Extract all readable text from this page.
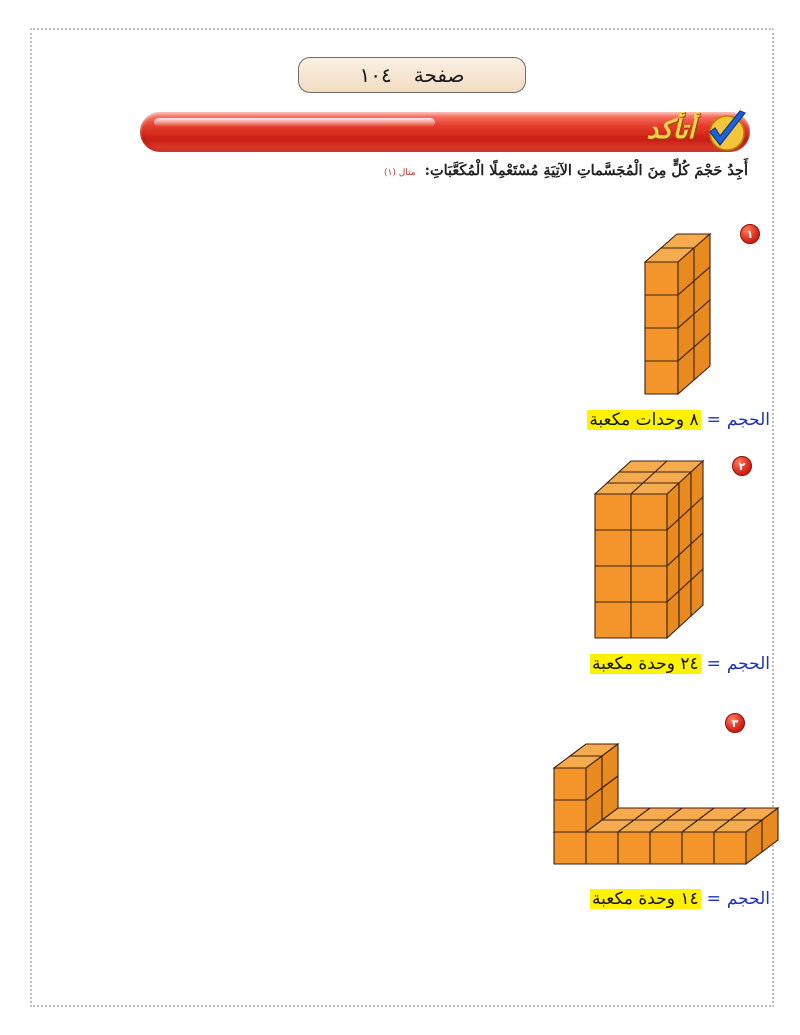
صفحة
١٠٤
أتأكد
أَجِدُ حَجْمَ كُلٍّ مِنَ الْمُجَسَّماتِ الآتِيَةِ مُسْتَعْمِلًا الْمُكَعَّبَاتِ: مثال (١)
١
الحجم=٨ وحدات مكعبة
٢
الحجم=٢٤ وحدة مكعبة
٣
الحجم=١٤ وحدة مكعبة
